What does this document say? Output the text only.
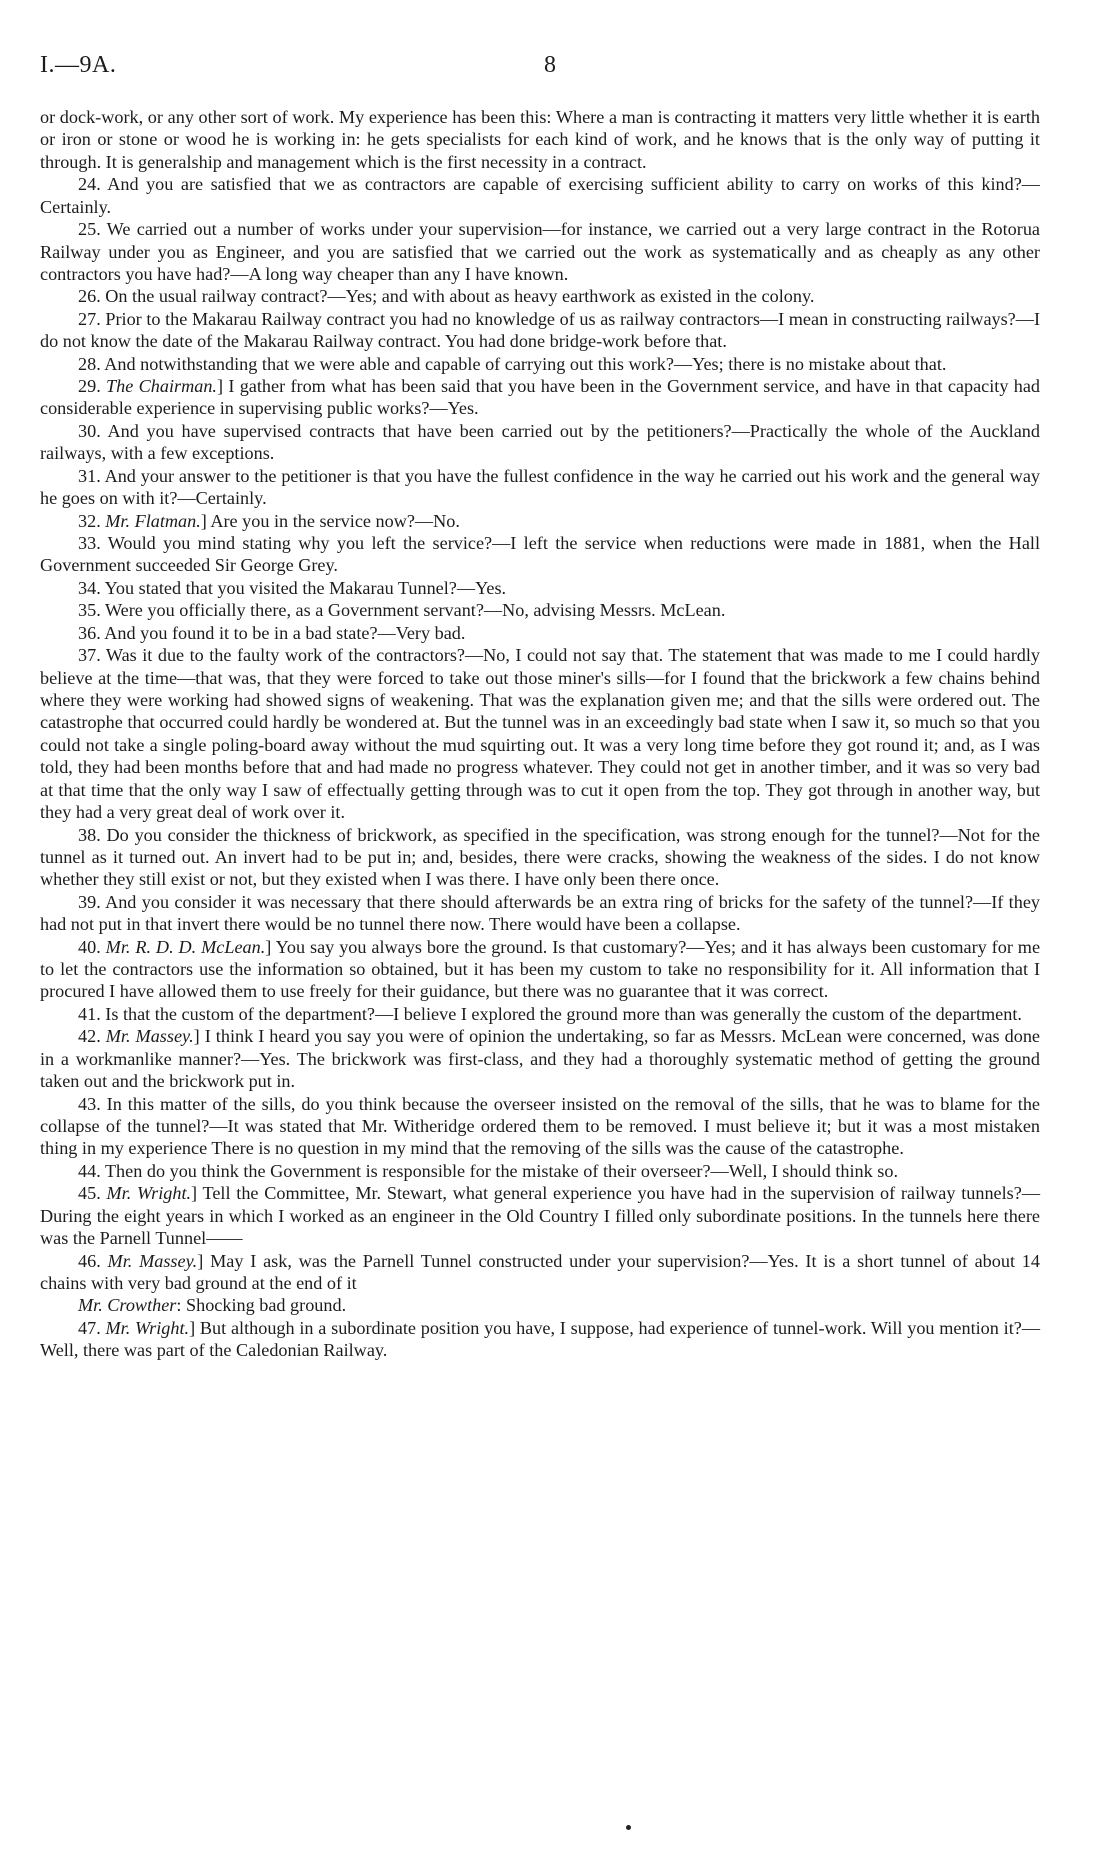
I.—9A.	8

or dock-work, or any other sort of work. My experience has been this: Where a man is contracting it matters very little whether it is earth or iron or stone or wood he is working in: he gets specialists for each kind of work, and he knows that is the only way of putting it through. It is generalship and management which is the first necessity in a contract.

24. And you are satisfied that we as contractors are capable of exercising sufficient ability to carry on works of this kind?—Certainly.

25. We carried out a number of works under your supervision—for instance, we carried out a very large contract in the Rotorua Railway under you as Engineer, and you are satisfied that we carried out the work as systematically and as cheaply as any other contractors you have had?—A long way cheaper than any I have known.

26. On the usual railway contract?—Yes; and with about as heavy earthwork as existed in the colony.

27. Prior to the Makarau Railway contract you had no knowledge of us as railway contractors—I mean in constructing railways?—I do not know the date of the Makarau Railway contract. You had done bridge-work before that.

28. And notwithstanding that we were able and capable of carrying out this work?—Yes; there is no mistake about that.

29. The Chairman.] I gather from what has been said that you have been in the Government service, and have in that capacity had considerable experience in supervising public works?—Yes.

30. And you have supervised contracts that have been carried out by the petitioners?—Practically the whole of the Auckland railways, with a few exceptions.

31. And your answer to the petitioner is that you have the fullest confidence in the way he carried out his work and the general way he goes on with it?—Certainly.

32. Mr. Flatman.] Are you in the service now?—No.

33. Would you mind stating why you left the service?—I left the service when reductions were made in 1881, when the Hall Government succeeded Sir George Grey.

34. You stated that you visited the Makarau Tunnel?—Yes.

35. Were you officially there, as a Government servant?—No, advising Messrs. McLean.

36. And you found it to be in a bad state?—Very bad.

37. Was it due to the faulty work of the contractors?—No, I could not say that. The statement that was made to me I could hardly believe at the time—that was, that they were forced to take out those miner's sills—for I found that the brickwork a few chains behind where they were working had showed signs of weakening. That was the explanation given me; and that the sills were ordered out. The catastrophe that occurred could hardly be wondered at. But the tunnel was in an exceedingly bad state when I saw it, so much so that you could not take a single poling-board away without the mud squirting out. It was a very long time before they got round it; and, as I was told, they had been months before that and had made no progress whatever. They could not get in another timber, and it was so very bad at that time that the only way I saw of effectually getting through was to cut it open from the top. They got through in another way, but they had a very great deal of work over it.

38. Do you consider the thickness of brickwork, as specified in the specification, was strong enough for the tunnel?—Not for the tunnel as it turned out. An invert had to be put in; and, besides, there were cracks, showing the weakness of the sides. I do not know whether they still exist or not, but they existed when I was there. I have only been there once.

39. And you consider it was necessary that there should afterwards be an extra ring of bricks for the safety of the tunnel?—If they had not put in that invert there would be no tunnel there now. There would have been a collapse.

40. Mr. R. D. D. McLean.] You say you always bore the ground. Is that customary?—Yes; and it has always been customary for me to let the contractors use the information so obtained, but it has been my custom to take no responsibility for it. All information that I procured I have allowed them to use freely for their guidance, but there was no guarantee that it was correct.

41. Is that the custom of the department?—I believe I explored the ground more than was generally the custom of the department.

42. Mr. Massey.] I think I heard you say you were of opinion the undertaking, so far as Messrs. McLean were concerned, was done in a workmanlike manner?—Yes. The brickwork was first-class, and they had a thoroughly systematic method of getting the ground taken out and the brickwork put in.

43. In this matter of the sills, do you think because the overseer insisted on the removal of the sills, that he was to blame for the collapse of the tunnel?—It was stated that Mr. Witheridge ordered them to be removed. I must believe it; but it was a most mistaken thing in my experience There is no question in my mind that the removing of the sills was the cause of the catastrophe.

44. Then do you think the Government is responsible for the mistake of their overseer?—Well, I should think so.

45. Mr. Wright.] Tell the Committee, Mr. Stewart, what general experience you have had in the supervision of railway tunnels?—During the eight years in which I worked as an engineer in the Old Country I filled only subordinate positions. In the tunnels here there was the Parnell Tunnel——

46. Mr. Massey.] May I ask, was the Parnell Tunnel constructed under your supervision?—Yes. It is a short tunnel of about 14 chains with very bad ground at the end of it

Mr. Crowther: Shocking bad ground.

47. Mr. Wright.] But although in a subordinate position you have, I suppose, had experience of tunnel-work. Will you mention it?—Well, there was part of the Caledonian Railway.
